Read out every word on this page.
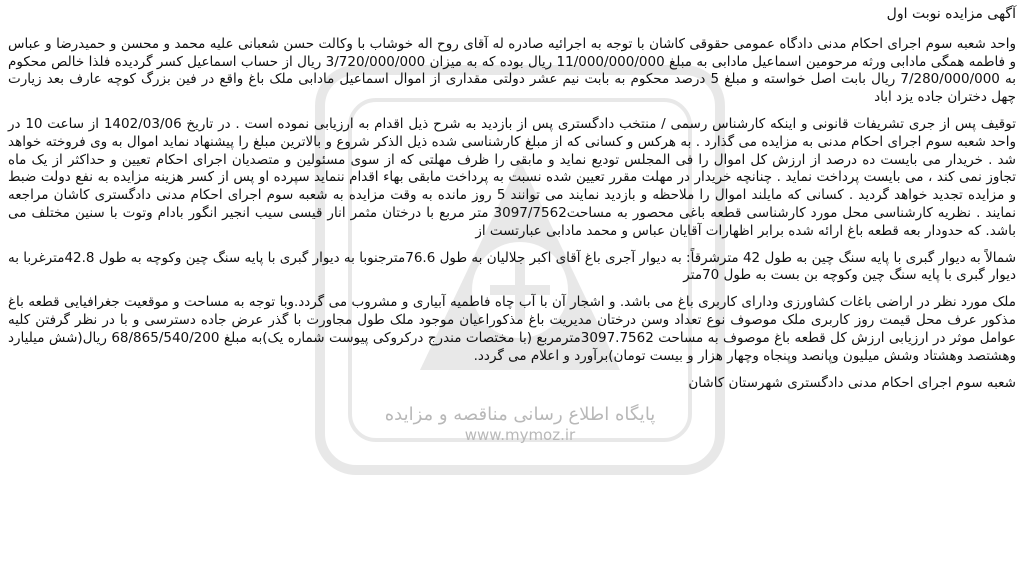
پایگاه اطلاع رسانی مناقصه و مزایده
www.mymoz.ir
آگهی مزایده نوبت اول
واحد شعبه سوم اجرای احکام مدنی دادگاه عمومی حقوقی کاشان با توجه به اجرائیه صادره له آقای روح اله خوشاب با وکالت حسن شعبانی علیه محمد و محسن و حمیدرضا و عباس و فاطمه همگی مادابی ورثه مرحومین اسماعیل مادابی به مبلغ 11/000/000/000 ریال بوده که به میزان 3/720/000/000 ریال از حساب اسماعیل کسر گردیده فلذا خالص محکوم به 7/280/000/000 ریال بابت اصل خواسته و مبلغ 5 درصد محکوم به بابت نیم عشر دولتی مقداری از اموال اسماعیل مادابی ملک باغ واقع در فین بزرگ کوچه عارف بعد زیارت چهل دختران جاده یزد اباد
توقیف پس از جری تشریفات قانونی و اینکه کارشناس رسمی / منتخب دادگستری پس از بازدید به شرح ذیل اقدام به ارزیابی نموده است . در تاریخ 1402/03/06 از ساعت 10 در واحد شعبه سوم اجرای احکام مدنی به مزایده می گذارد . به هرکس و کسانی که از مبلغ کارشناسی شده ذیل الذکر شروع و بالاترین مبلغ را پیشنهاد نماید اموال به وی فروخته خواهد شد . خریدار می بایست ده درصد از ارزش کل اموال را فی المجلس تودیع نماید و مابقی را ظرف مهلتی که از سوی مسئولین و متصدیان اجرای احکام تعیین و حداکثر از یک ماه تجاوز نمی کند ، می بایست پرداخت نماید . چنانچه خریدار در مهلت مقرر تعیین شده نسبت به پرداخت مابقی بهاء اقدام ننماید سپرده او پس از کسر هزینه مزایده به نفع دولت ضبط و مزایده تجدید خواهد گردید . کسانی که مایلند اموال را ملاحظه و بازدید نمایند می توانند 5 روز مانده به وقت مزایده به شعبه سوم اجرای احکام مدنی دادگستری کاشان مراجعه نمایند . نظریه کارشناسی محل مورد کارشناسی قطعه باغی محصور به مساحت3097/7562 متر مربع با درختان مثمر انار قیسی سیب انجیر انگور بادام وتوت با سنین مختلف می باشد. که حدودار بعه قطعه باغ ارائه شده برابر اظهارات آقایان عباس و محمد مادابی عبارتست از
شمالاً به دیوار گبری با پایه سنگ چین به طول 42 مترشرقاً: به دیوار آجری باغ آقای اکبر جلالیان به طول 76.6مترجنوبا به دیوار گبری با پایه سنگ چین وکوچه به طول 42.8مترغربا به دیوار گبری با پایه سنگ چین وکوچه بن بست به طول 70متر
ملک مورد نظر در اراضی باغات کشاورزی ودارای کاربری باغ می باشد. و اشجار آن با آب چاه فاطمیه آبیاری و مشروب می گردد.وبا توجه به مساحت و موقعیت جغرافیایی قطعه باغ مذکور عرف محل قیمت روز کاربری ملک موصوف نوع تعداد وسن درختان مدیریت باغ مذکوراعیان موجود ملک طول مجاورت با گذر عرض جاده دسترسی و با در نظر گرفتن کلیه عوامل موثر در ارزیابی ارزش کل قطعه باغ موصوف به مساحت 3097.7562مترمربع (با مختصات مندرج درکروکی پیوست شماره یک)به مبلغ 68/865/540/200 ریال(شش میلیارد وهشتصد وهشتاد وشش میلیون وپانصد وپنجاه وچهار هزار و بیست تومان)برآورد و اعلام می گردد.
شعبه سوم اجرای احکام مدنی دادگستری شهرستان کاشان
